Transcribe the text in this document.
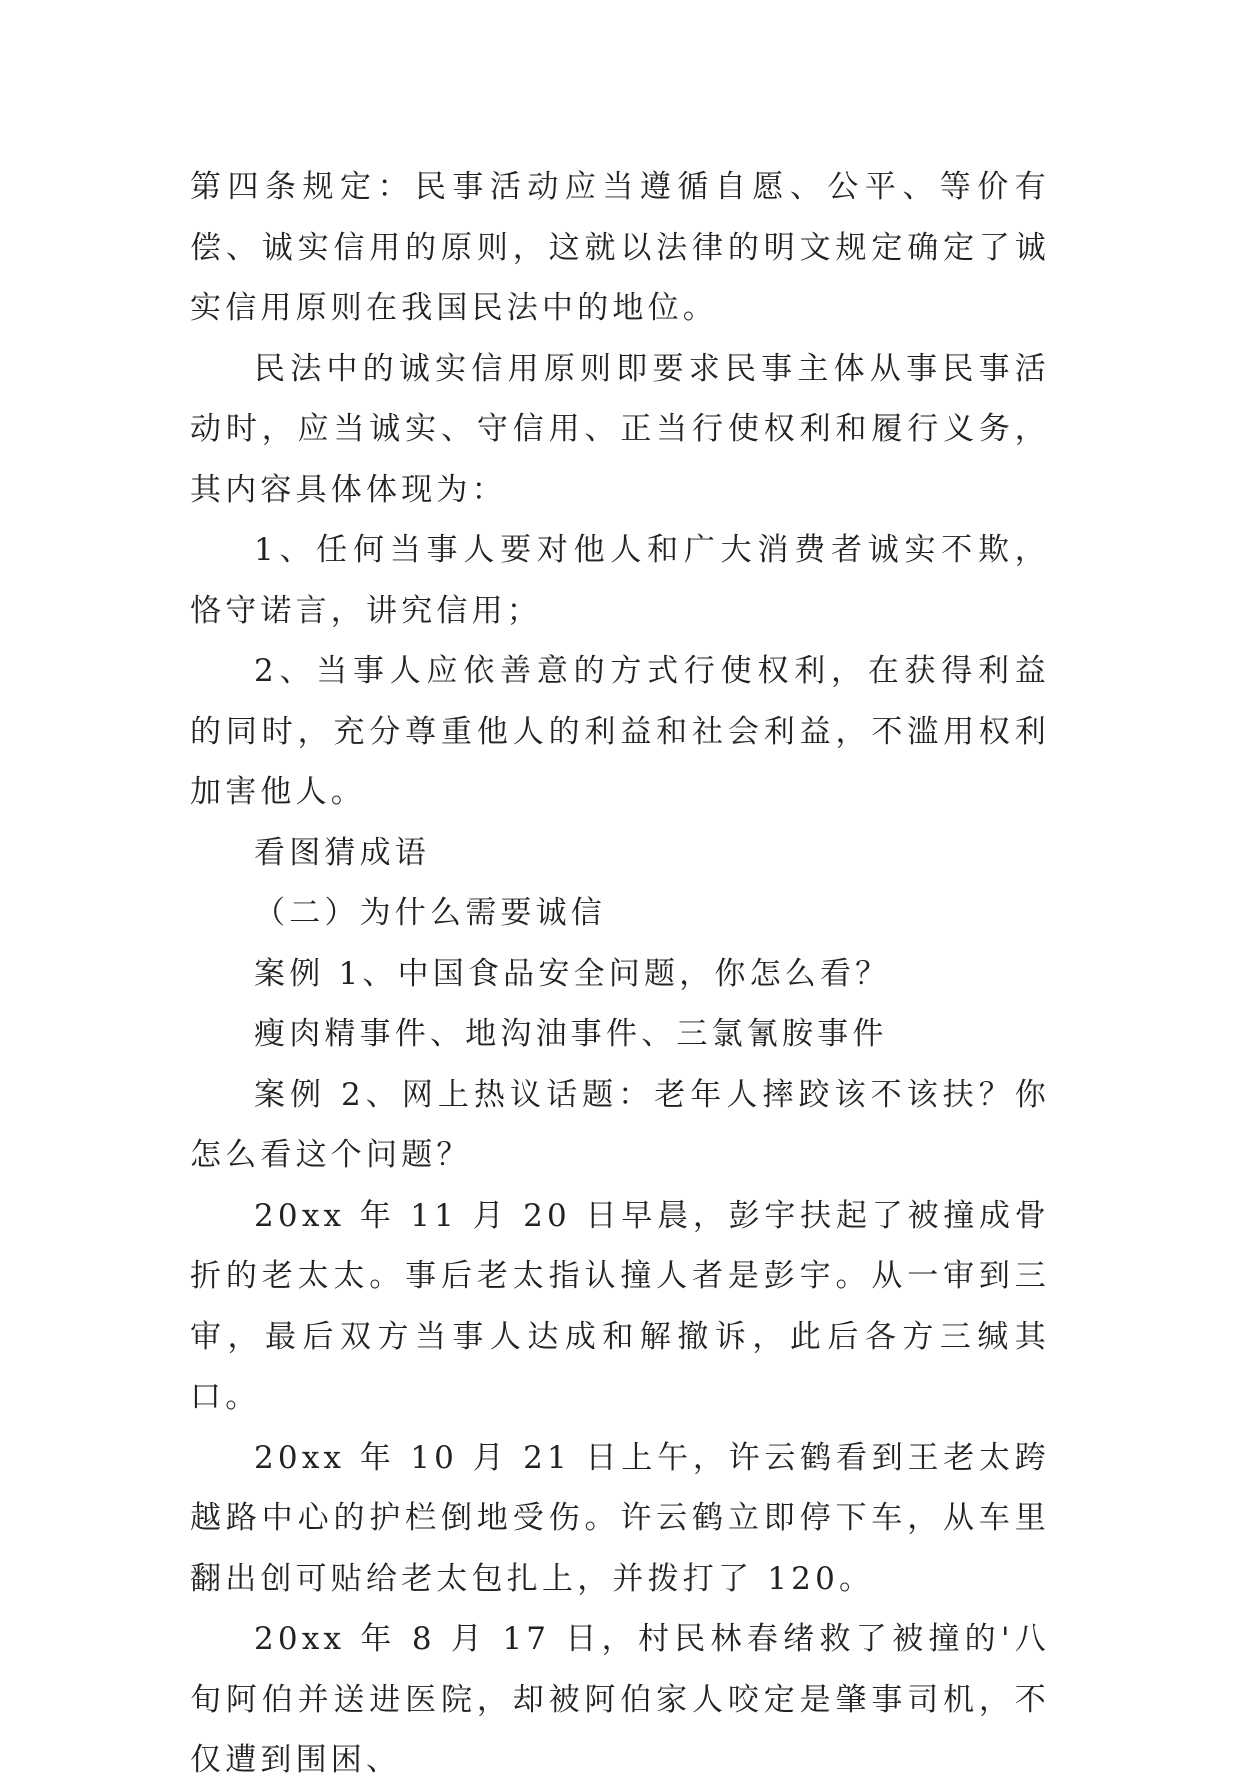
第四条规定：民事活动应当遵循自愿、公平、等价有偿、诚实信用的原则，这就以法律的明文规定确定了诚实信用原则在我国民法中的地位。

民法中的诚实信用原则即要求民事主体从事民事活动时，应当诚实、守信用、正当行使权利和履行义务，其内容具体体现为：

1、任何当事人要对他人和广大消费者诚实不欺，恪守诺言，讲究信用；

2、当事人应依善意的方式行使权利，在获得利益的同时，充分尊重他人的利益和社会利益，不滥用权利加害他人。

看图猜成语

（二）为什么需要诚信

案例 1、中国食品安全问题，你怎么看？

瘦肉精事件、地沟油事件、三氯氰胺事件

案例 2、网上热议话题：老年人摔跤该不该扶？你怎么看这个问题？

20xx 年 11 月 20 日早晨，彭宇扶起了被撞成骨折的老太太。事后老太指认撞人者是彭宇。从一审到三审，最后双方当事人达成和解撤诉，此后各方三缄其口。

20xx 年 10 月 21 日上午，许云鹤看到王老太跨越路中心的护栏倒地受伤。许云鹤立即停下车，从车里翻出创可贴给老太包扎上，并拨打了 120。

20xx 年 8 月 17 日，村民林春绪救了被撞的'八旬阿伯并送进医院，却被阿伯家人咬定是肇事司机，不仅遭到围困、
